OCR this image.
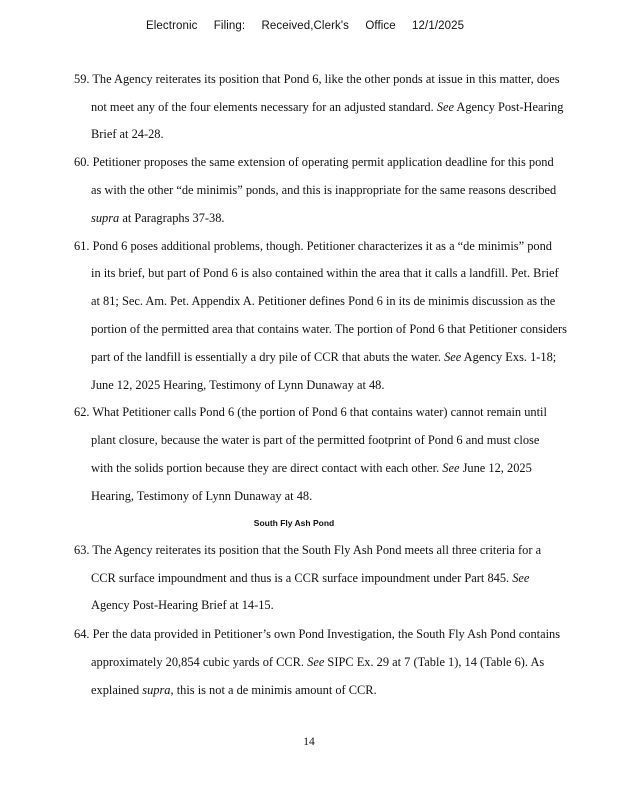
Electronic Filing: Received,Clerk's Office 12/1/2025
59. The Agency reiterates its position that Pond 6, like the other ponds at issue in this matter, does
not meet any of the four elements necessary for an adjusted standard. See Agency Post-Hearing
Brief at 24-28.
60. Petitioner proposes the same extension of operating permit application deadline for this pond
as with the other “de minimis” ponds, and this is inappropriate for the same reasons described
supra at Paragraphs 37-38.
61. Pond 6 poses additional problems, though. Petitioner characterizes it as a “de minimis” pond
in its brief, but part of Pond 6 is also contained within the area that it calls a landfill. Pet. Brief
at 81; Sec. Am. Pet. Appendix A. Petitioner defines Pond 6 in its de minimis discussion as the
portion of the permitted area that contains water. The portion of Pond 6 that Petitioner considers
part of the landfill is essentially a dry pile of CCR that abuts the water. See Agency Exs. 1-18;
June 12, 2025 Hearing, Testimony of Lynn Dunaway at 48.
62. What Petitioner calls Pond 6 (the portion of Pond 6 that contains water) cannot remain until
plant closure, because the water is part of the permitted footprint of Pond 6 and must close
with the solids portion because they are direct contact with each other. See June 12, 2025
Hearing, Testimony of Lynn Dunaway at 48.
South Fly Ash Pond
63. The Agency reiterates its position that the South Fly Ash Pond meets all three criteria for a
CCR surface impoundment and thus is a CCR surface impoundment under Part 845. See
Agency Post-Hearing Brief at 14-15.
64. Per the data provided in Petitioner’s own Pond Investigation, the South Fly Ash Pond contains
approximately 20,854 cubic yards of CCR. See SIPC Ex. 29 at 7 (Table 1), 14 (Table 6). As
explained supra, this is not a de minimis amount of CCR.
14
